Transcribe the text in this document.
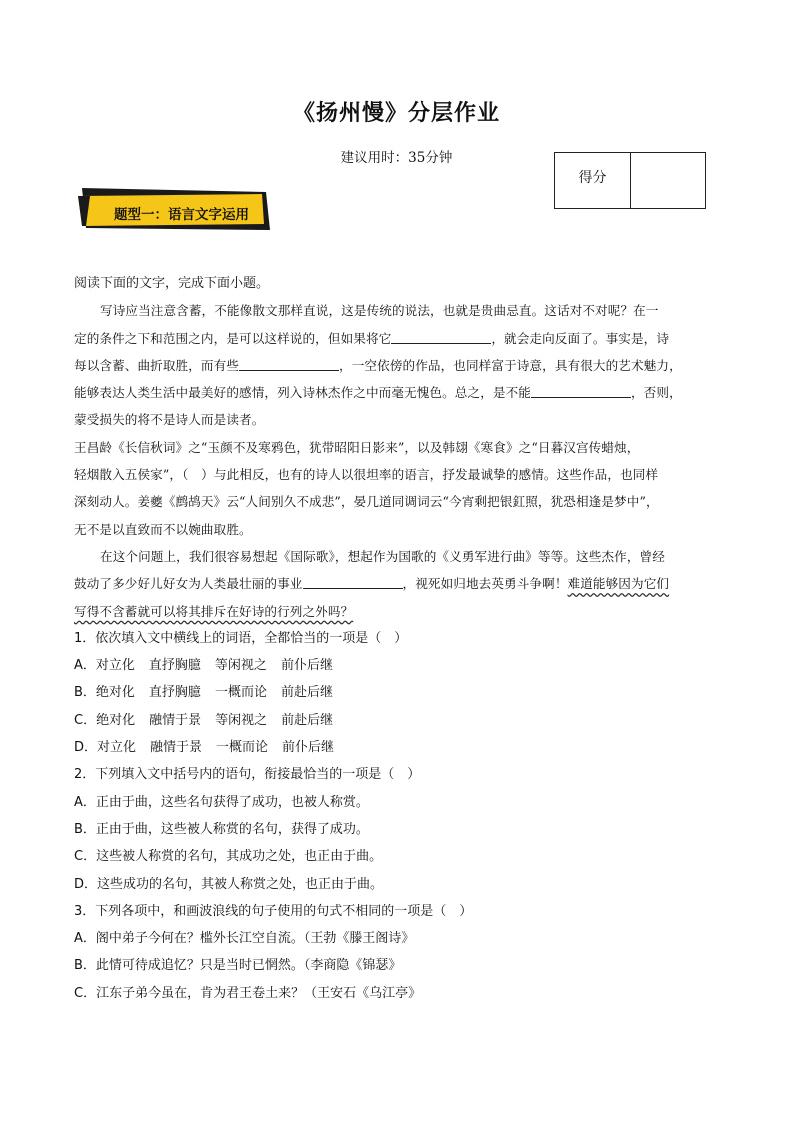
《扬州慢》分层作业
建议用时：35分钟
得分
题型一：语言文字运用
阅读下面的文字，完成下面小题。
写诗应当注意含蓄，不能像散文那样直说，这是传统的说法，也就是贵曲忌直。这话对不对呢？在一
定的条件之下和范围之内，是可以这样说的，但如果将它	，就会走向反面了。事实是，诗
每以含蓄、曲折取胜，而有些	，一空依傍的作品，也同样富于诗意，具有很大的艺术魅力，
能够表达人类生活中最美好的感情，列入诗林杰作之中而毫无愧色。总之，是不能	，否则，
蒙受损失的将不是诗人而是读者。
王昌龄《长信秋词》之“玉颜不及寒鸦色，犹带昭阳日影来”，以及韩翃《寒食》之“日暮汉宫传蜡烛，
轻烟散入五侯家”，（　）与此相反，也有的诗人以很坦率的语言，抒发最诚挚的感情。这些作品，也同样
深刻动人。姜夔《鹧鸪天》云“人间别久不成悲”，晏几道同调词云“今宵剩把银釭照，犹恐相逢是梦中”，
无不是以直致而不以婉曲取胜。
在这个问题上，我们很容易想起《国际歌》，想起作为国歌的《义勇军进行曲》等等。这些杰作，曾经
鼓动了多少好儿好女为人类最壮丽的事业	，视死如归地去英勇斗争啊！难道能够因为它们
写得不含蓄就可以将其排斥在好诗的行列之外吗？
1．依次填入文中横线上的词语，全都恰当的一项是（　）
A．对立化 直抒胸臆 等闲视之 前仆后继
B．绝对化 直抒胸臆 一概而论 前赴后继
C．绝对化 融情于景 等闲视之 前赴后继
D．对立化 融情于景 一概而论 前仆后继
2．下列填入文中括号内的语句，衔接最恰当的一项是（　）
A．正由于曲，这些名句获得了成功，也被人称赏。
B．正由于曲，这些被人称赏的名句，获得了成功。
C．这些被人称赏的名句，其成功之处，也正由于曲。
D．这些成功的名句，其被人称赏之处，也正由于曲。
3．下列各项中，和画波浪线的句子使用的句式不相同的一项是（　）
A．阁中弟子今何在？槛外长江空自流。（王勃《滕王阁诗》
B．此情可待成追忆？只是当时已惘然。（李商隐《锦瑟》
C．江东子弟今虽在，肯为君王卷土来？（王安石《乌江亭》
